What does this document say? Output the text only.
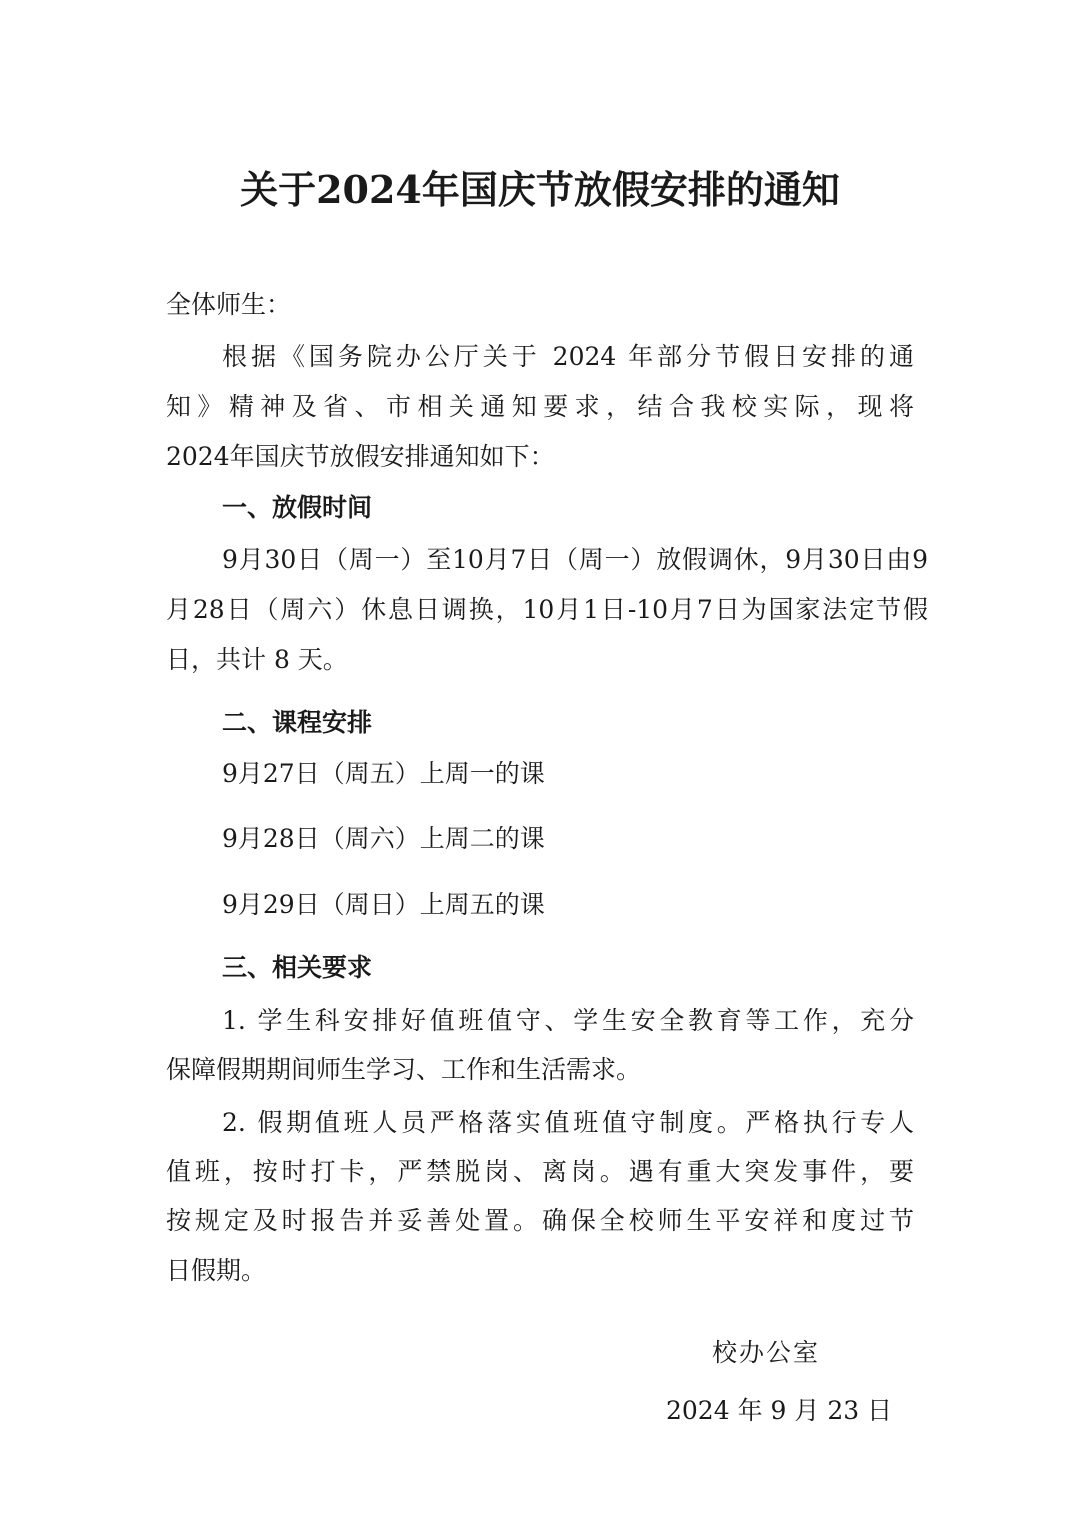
关于2024年国庆节放假安排的通知
全体师生：
根据《国务院办公厅关于 2024 年部分节假日安排的通
知》精神及省、市相关通知要求，结合我校实际，现将
2024年国庆节放假安排通知如下：
一、放假时间
9月30日（周一）至10月7日（周一）放假调休，9月30日由9
月28日（周六）休息日调换，10月1日-10月7日为国家法定节假
日，共计 8 天。
二、课程安排
9月27日（周五）上周一的课
9月28日（周六）上周二的课
9月29日（周日）上周五的课
三、相关要求
1. 学生科安排好值班值守、学生安全教育等工作，充分
保障假期期间师生学习、工作和生活需求。
2. 假期值班人员严格落实值班值守制度。严格执行专人
值班，按时打卡，严禁脱岗、离岗。遇有重大突发事件，要
按规定及时报告并妥善处置。确保全校师生平安祥和度过节
日假期。
校办公室
2024 年 9 月 23 日
